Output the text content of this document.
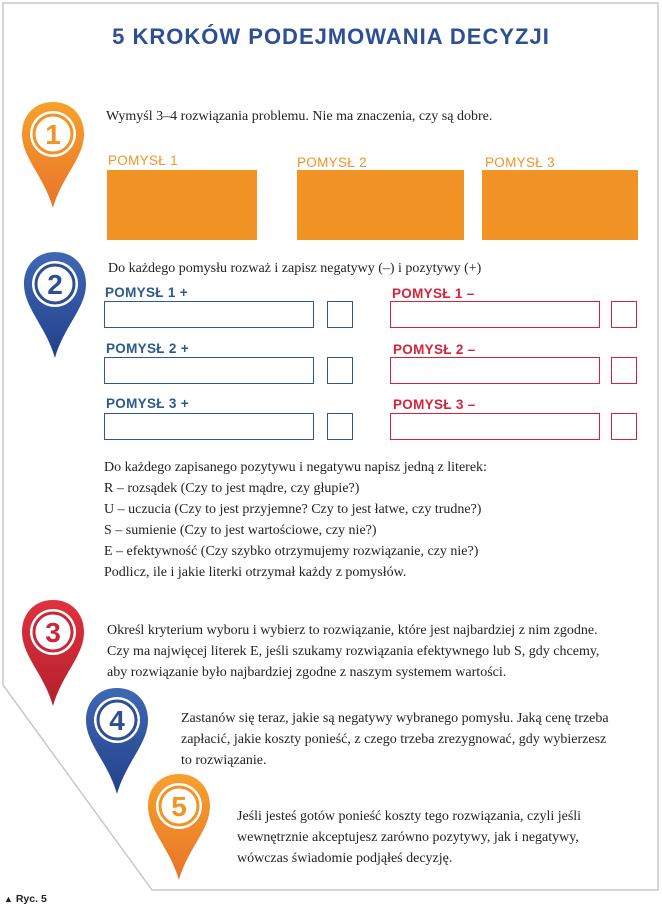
5 KROKÓW PODEJMOWANIA DECYZJI
1
Wymyśl 3–4 rozwiązania problemu. Nie ma znaczenia, czy są dobre.
POMYSŁ 1	POMYSŁ 2	POMYSŁ 3
2
Do każdego pomysłu rozważ i zapisz negatywy (–) i pozytywy (+)
POMYSŁ 1 +	POMYSŁ 1 –
POMYSŁ 2 +	POMYSŁ 2 –
POMYSŁ 3 +	POMYSŁ 3 –
Do każdego zapisanego pozytywu i negatywu napisz jedną z literek:
R – rozsądek (Czy to jest mądre, czy głupie?)
U – uczucia (Czy to jest przyjemne? Czy to jest łatwe, czy trudne?)
S – sumienie (Czy to jest wartościowe, czy nie?)
E – efektywność (Czy szybko otrzymujemy rozwiązanie, czy nie?)
Podlicz, ile i jakie literki otrzymał każdy z pomysłów.
3	Określ kryterium wyboru i wybierz to rozwiązanie, które jest najbardziej z nim zgodne.
Czy ma najwięcej literek E, jeśli szukamy rozwiązania efektywnego lub S, gdy chcemy,
aby rozwiązanie było najbardziej zgodne z naszym systemem wartości.
4	Zastanów się teraz, jakie są negatywy wybranego pomysłu. Jaką cenę trzeba
zapłacić, jakie koszty ponieść, z czego trzeba zrezygnować, gdy wybierzesz
to rozwiązanie.
5	Jeśli jesteś gotów ponieść koszty tego rozwiązania, czyli jeśli
wewnętrznie akceptujesz zarówno pozytywy, jak i negatywy,
wówczas świadomie podjąłeś decyzję.
▲ Ryc. 5
